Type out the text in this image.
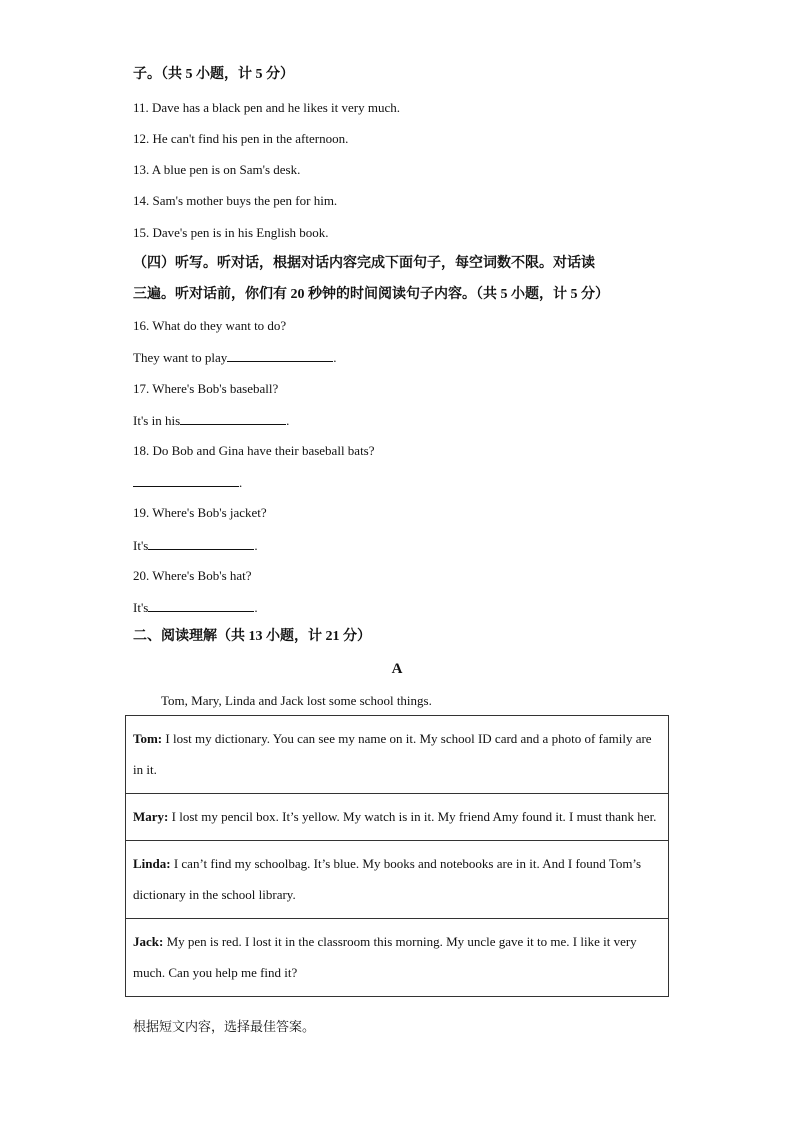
子。（共 5 小题，计 5 分）
11. Dave has a black pen and he likes it very much.
12. He can't find his pen in the afternoon.
13. A blue pen is on Sam's desk.
14. Sam's mother buys the pen for him.
15. Dave's pen is in his English book.
（四）听写。听对话，根据对话内容完成下面句子，每空词数不限。对话读
三遍。听对话前，你们有 20 秒钟的时间阅读句子内容。（共 5 小题，计 5 分）
16. What do they want to do?
They want to play	.
17. Where's Bob's baseball?
It's in his	.
18. Do Bob and Gina have their baseball bats?
.
19. Where's Bob's jacket?
It's	.
20. Where's Bob's hat?
It's	.
二、阅读理解（共 13 小题，计 21 分）
A
Tom, Mary, Linda and Jack lost some school things.
Tom: I lost my dictionary. You can see my name on it. My school ID card and a photo of family are in it.
Mary: I lost my pencil box. It’s yellow. My watch is in it. My friend Amy found it. I must thank her.
Linda: I can’t find my schoolbag. It’s blue. My books and notebooks are in it. And I found Tom’s dictionary in the school library.
Jack: My pen is red. I lost it in the classroom this morning. My uncle gave it to me. I like it very much. Can you help me find it?
根据短文内容，选择最佳答案。
